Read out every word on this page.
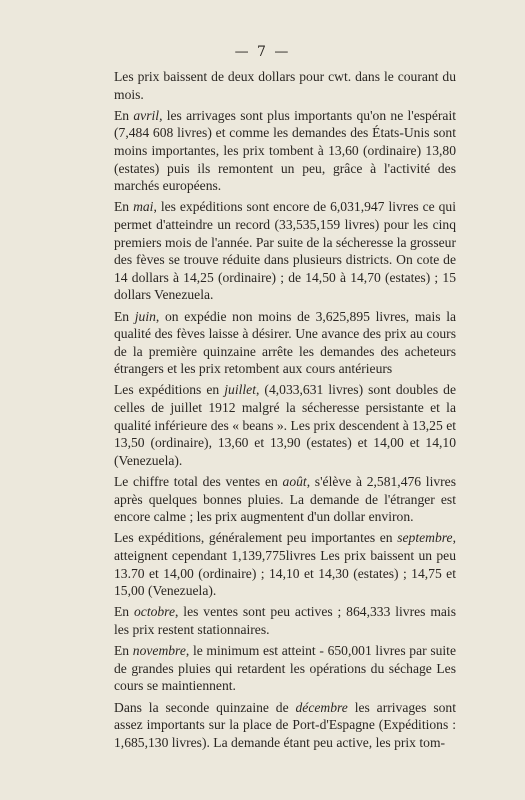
— 7 —

Les prix baissent de deux dollars pour cwt. dans le courant du mois.

En avril, les arrivages sont plus importants qu'on ne l'espérait (7,484 608 livres) et comme les demandes des États-Unis sont moins importantes, les prix tombent à 13,60 (ordinaire) 13,80 (estates) puis ils remontent un peu, grâce à l'activité des marchés européens.

En mai, les expéditions sont encore de 6,031,947 livres ce qui permet d'atteindre un record (33,535,159 livres) pour les cinq premiers mois de l'année. Par suite de la sécheresse la grosseur des fèves se trouve réduite dans plusieurs districts. On cote de 14 dollars à 14,25 (ordinaire) ; de 14,50 à 14,70 (estates) ; 15 dollars Venezuela.

En juin, on expédie non moins de 3,625,895 livres, mais la qualité des fèves laisse à désirer. Une avance des prix au cours de la première quinzaine arrête les demandes des acheteurs étrangers et les prix retombent aux cours antérieurs

Les expéditions en juillet, (4,033,631 livres) sont doubles de celles de juillet 1912 malgré la sécheresse persistante et la qualité inférieure des « beans ». Les prix descendent à 13,25 et 13,50 (ordinaire), 13,60 et 13,90 (estates) et 14,00 et 14,10 (Venezuela).

Le chiffre total des ventes en août, s'élève à 2,581,476 livres après quelques bonnes pluies. La demande de l'étranger est encore calme ; les prix augmentent d'un dollar environ.

Les expéditions, généralement peu importantes en septembre, atteignent cependant 1,139,775livres Les prix baissent un peu 13.70 et 14,00 (ordinaire) ; 14,10 et 14,30 (estates) ; 14,75 et 15,00 (Venezuela).

En octobre, les ventes sont peu actives ; 864,333 livres mais les prix restent stationnaires.

En novembre, le minimum est atteint - 650,001 livres par suite de grandes pluies qui retardent les opérations du séchage Les cours se maintiennent.

Dans la seconde quinzaine de décembre les arrivages sont assez importants sur la place de Port-d'Espagne (Expéditions : 1,685,130 livres). La demande étant peu active, les prix tom-
